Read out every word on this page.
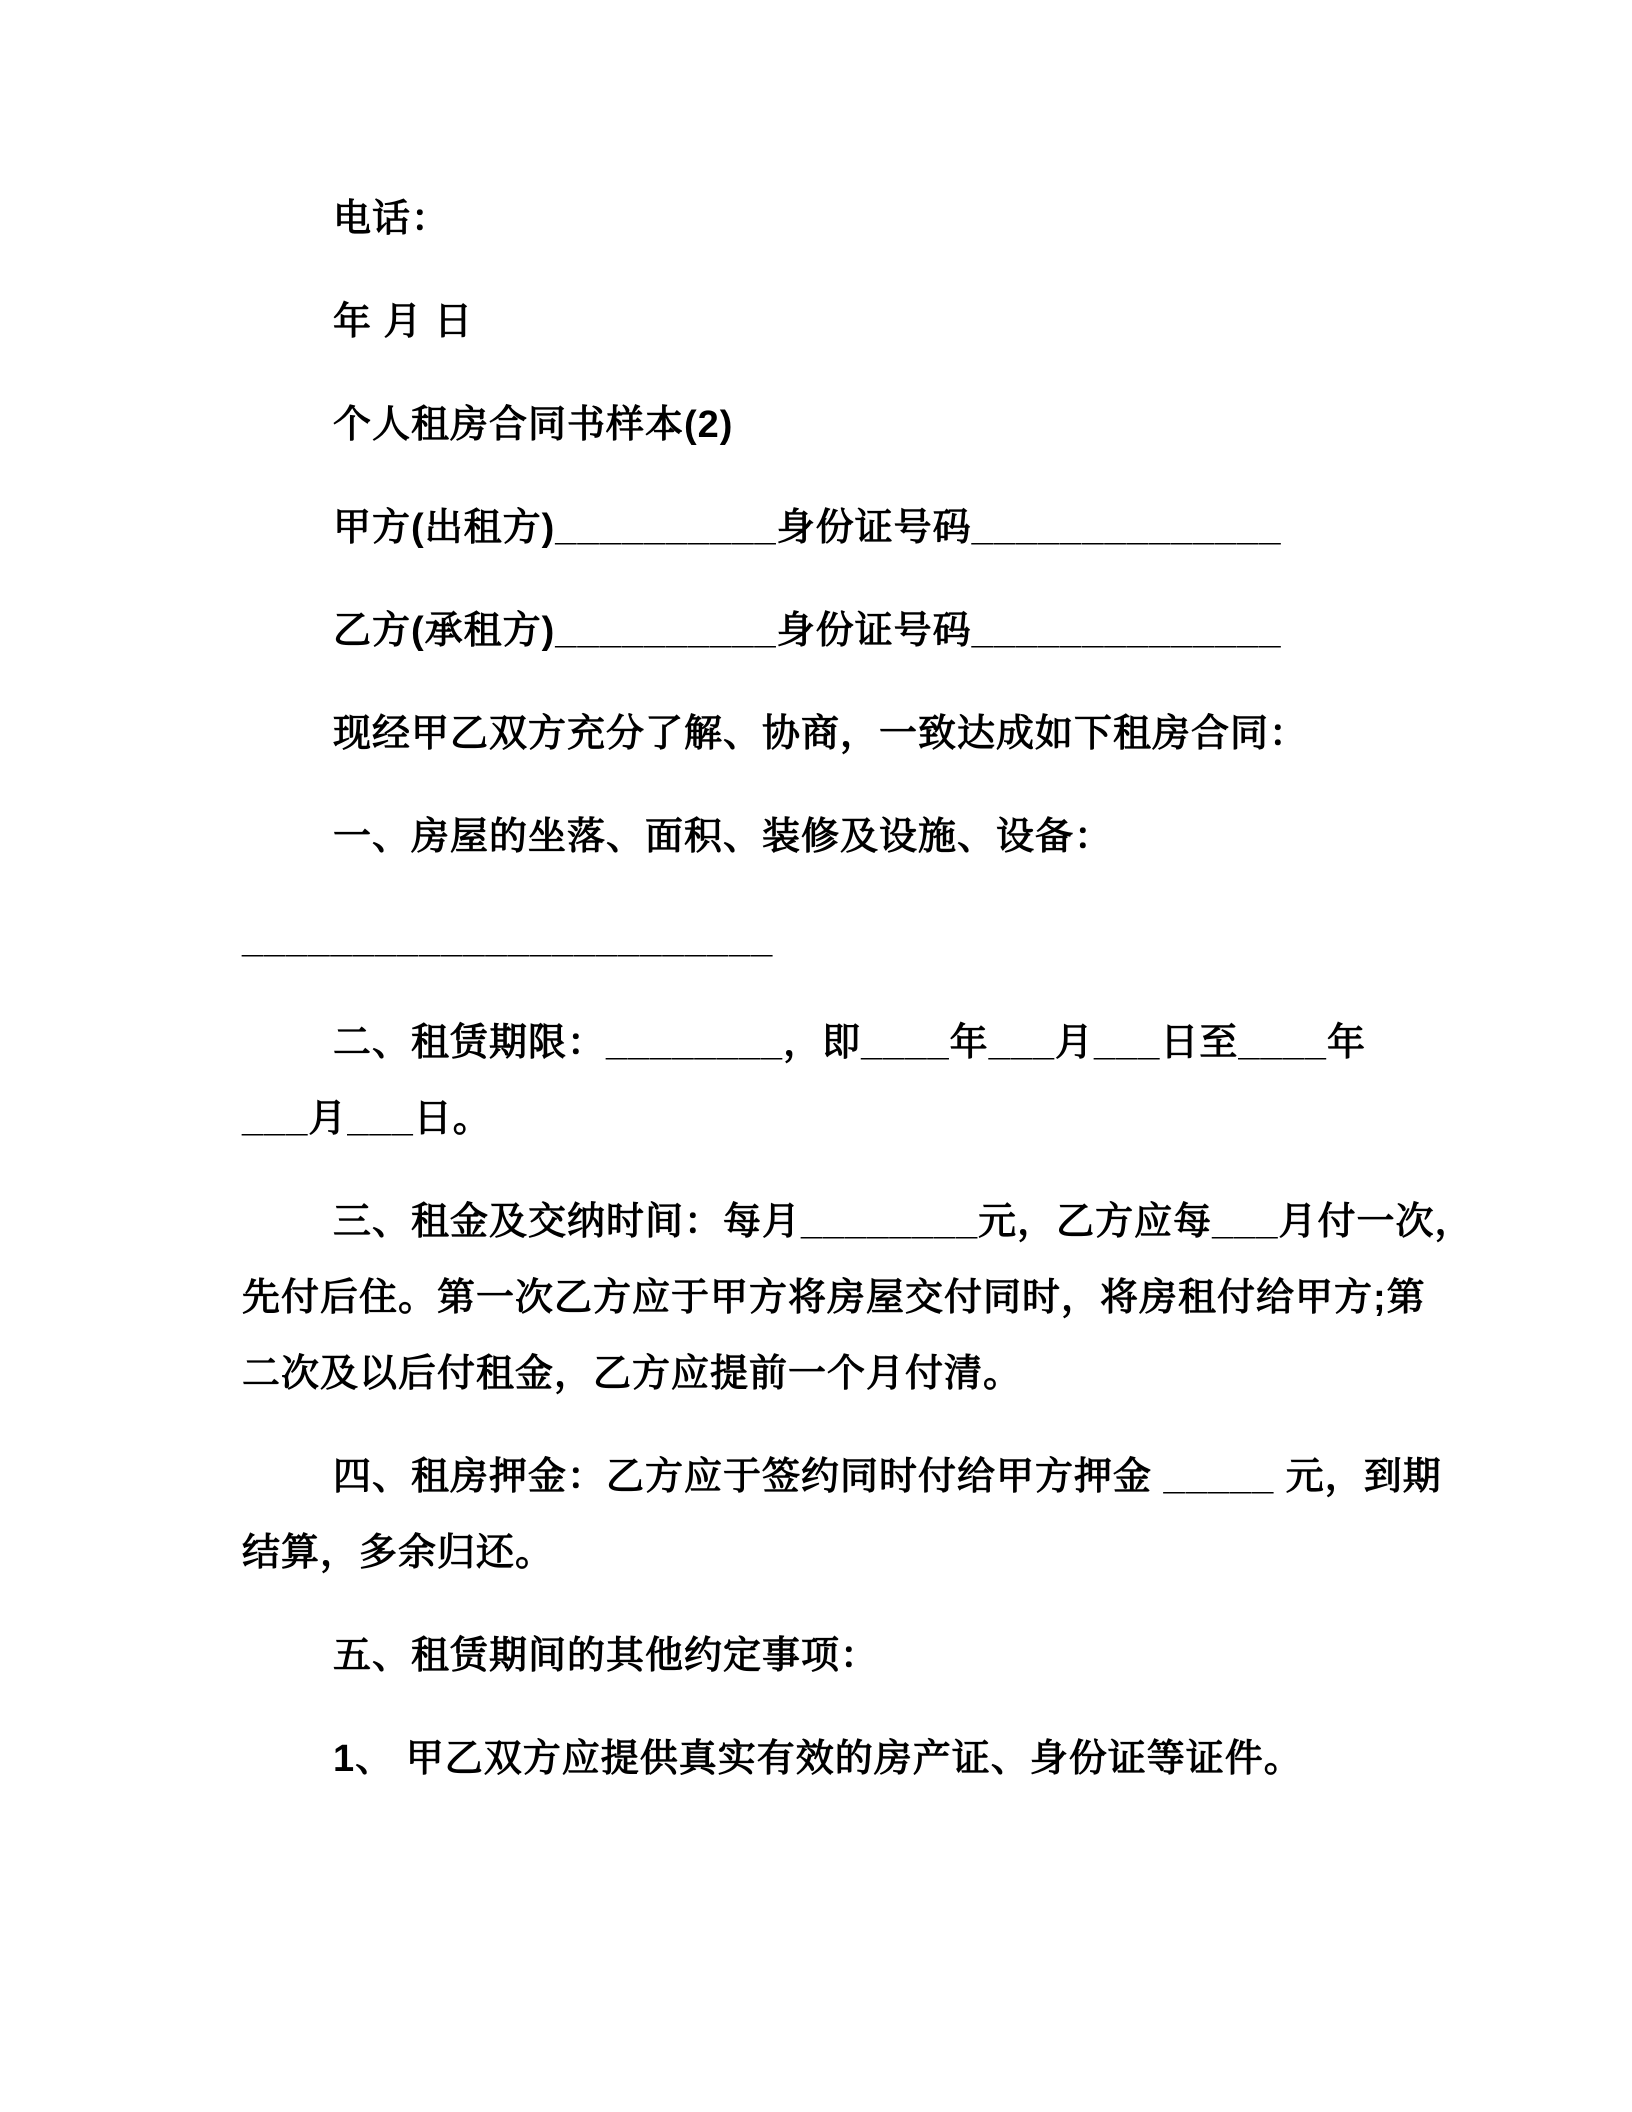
电话：
年 月 日
个人租房合同书样本(2)
甲方(出租方)__________身份证号码______________
乙方(承租方)__________身份证号码______________
现经甲乙双方充分了解、协商，一致达成如下租房合同：
一、房屋的坐落、面积、装修及设施、设备：
________________________
二、租赁期限：________，即____年___月___日至____年
___月___日。
三、租金及交纳时间：每月________元，乙方应每___月付一次，
先付后住。第一次乙方应于甲方将房屋交付同时，将房租付给甲方;第
二次及以后付租金，乙方应提前一个月付清。
四、租房押金：乙方应于签约同时付给甲方押金 _____ 元，到期
结算，多余归还。
五、租赁期间的其他约定事项：
1、 甲乙双方应提供真实有效的房产证、身份证等证件。
